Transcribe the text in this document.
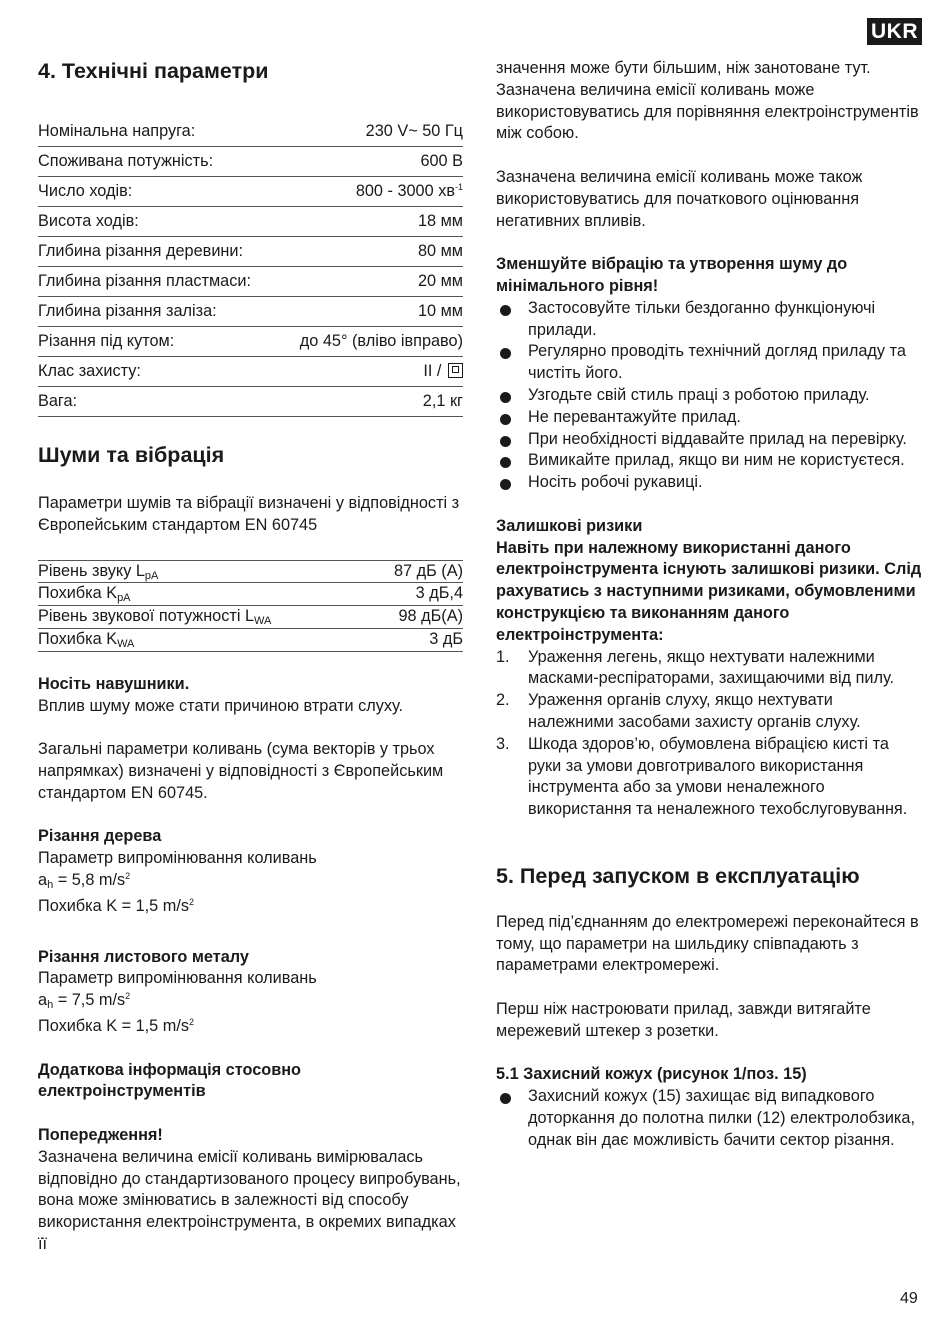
UKR
4. Технічні параметри
Номінальна напруга:	230 V~ 50 Гц
Споживана потужність:	600 В
Число ходів:	800 - 3000 $хв^{-1}$
Висота ходів:	18 мм
Глибина різання деревини:	80 мм
Глибина різання пластмаси:	20 мм
Глибина різання заліза:	10 мм
Різання під кутом:	до 45° (вліво івправо)
Клас захисту:	II /
Вага:	2,1 кг
Шуми та вібрація

Параметри шумів та вібрації визначені у відповідності з Європейським стандартом EN 60745

Рівень звуку $L_{pA}$	87 дБ (A)
Похибка $K_{pA}$	3 дБ,4
Рівень звукової потужності $L_{WA}$	98 дБ(A)
Похибка $K_{WA}$	3 дБ

Носіть навушники.

Вплив шуму може стати причиною втрати слуху.

Загальні параметри коливань (сума векторів у трьох напрямках) визначені у відповідності з Європейським стандартом EN 60745.

Різання дерева

Параметр випромінювання коливань

$a_h = 5,8$ $m/s^2$

Похибка K = 1,5 $m/s^2$

Різання листового металу

Параметр випромінювання коливань

$a_h = 7,5$ $m/s^2$

Похибка K = 1,5 $m/s^2$

Додаткова інформація стосовно електроінструментів

Попередження!

Зазначена величина емісії коливань вимірювалась відповідно до стандартизованого процесу випробувань, вона може змінюватись в залежності від способу використання електроінструмента, в окремих випадках її

значення може бути більшим, ніж занотоване тут. Зазначена величина емісії коливань може використовуватись для порівняння електроінструментів між собою.

Зазначена величина емісії коливань може також використовуватись для початкового оцінювання негативних впливів.

Зменшуйте вібрацію та утворення шуму до мінімального рівня!

Застосовуйте тільки бездоганно функціонуючі прилади.
Регулярно проводіть технічний догляд приладу та чистіть його.
Узгодьте свій стиль праці з роботою приладу.
Не перевантажуйте прилад.
При необхідності віддавайте прилад на перевірку.
Вимикайте прилад, якщо ви ним не користуєтеся.
Носіть робочі рукавиці.

Залишкові ризики

Навіть при належному використанні даного електроінструмента існують залишкові ризики. Слід рахуватись з наступними ризиками, обумовленими конструкцією та виконанням даного електроінструмента:

1. Ураження легень, якщо нехтувати належними масками-респіраторами, захищаючими від пилу.
2. Ураження органів слуху, якщо нехтувати належними засобами захисту органів слуху.
3. Шкода здоров’ю, обумовлена вібрацією кисті та руки за умови довготривалого використання інструмента або за умови неналежного використання та неналежного техобслуговування.
5. Перед запуском в експлуатацію

Перед під’єднанням до електромережі переконайтеся в тому, що параметри на шильдику співпадають з параметрами електромережі.

Перш ніж настроювати прилад, завжди витягайте мережевий штекер з розетки.

5.1 Захисний кожух (рисунок 1/поз. 15)

Захисний кожух (15) захищає від випадкового доторкання до полотна пилки (12) електролобзика, однак він дає можливість бачити сектор різання.
49
